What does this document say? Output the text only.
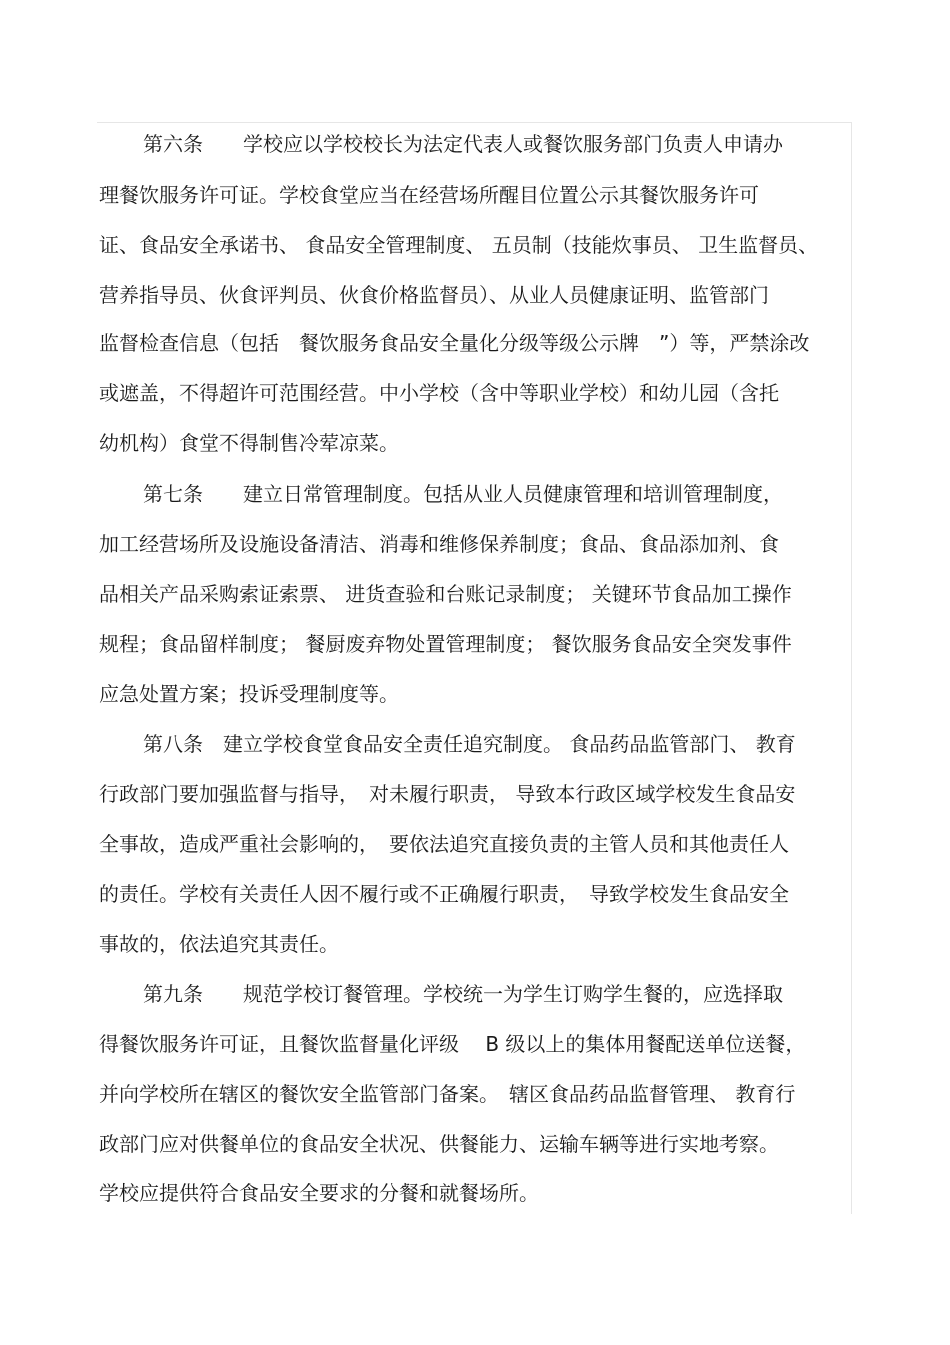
第六条　　学校应以学校校长为法定代表人或餐饮服务部门负责人申请办

理餐饮服务许可证。学校食堂应当在经营场所醒目位置公示其餐饮服务许可

证、食品安全承诺书、 食品安全管理制度、 五员制（技能炊事员、 卫生监督员、

营养指导员、伙食评判员、伙食价格监督员）、从业人员健康证明、监管部门

监督检查信息（包括　餐饮服务食品安全量化分级等级公示牌　”）等，严禁涂改

或遮盖，不得超许可范围经营。中小学校（含中等职业学校）和幼儿园（含托

幼机构）食堂不得制售冷荤凉菜。

第七条　　建立日常管理制度。包括从业人员健康管理和培训管理制度，

加工经营场所及设施设备清洁、消毒和维修保养制度；食品、食品添加剂、食

品相关产品采购索证索票、 进货查验和台账记录制度； 关键环节食品加工操作

规程；食品留样制度； 餐厨废弃物处置管理制度； 餐饮服务食品安全突发事件

应急处置方案；投诉受理制度等。

第八条　建立学校食堂食品安全责任追究制度。 食品药品监管部门、 教育

行政部门要加强监督与指导，　对未履行职责， 导致本行政区域学校发生食品安

全事故，造成严重社会影响的，　要依法追究直接负责的主管人员和其他责任人

的责任。学校有关责任人因不履行或不正确履行职责，　导致学校发生食品安全

事故的，依法追究其责任。

第九条　　规范学校订餐管理。学校统一为学生订购学生餐的，应选择取

得餐饮服务许可证，且餐饮监督量化评级　 B 级以上的集体用餐配送单位送餐，

并向学校所在辖区的餐饮安全监管部门备案。　辖区食品药品监督管理、 教育行

政部门应对供餐单位的食品安全状况、供餐能力、运输车辆等进行实地考察。

学校应提供符合食品安全要求的分餐和就餐场所。
